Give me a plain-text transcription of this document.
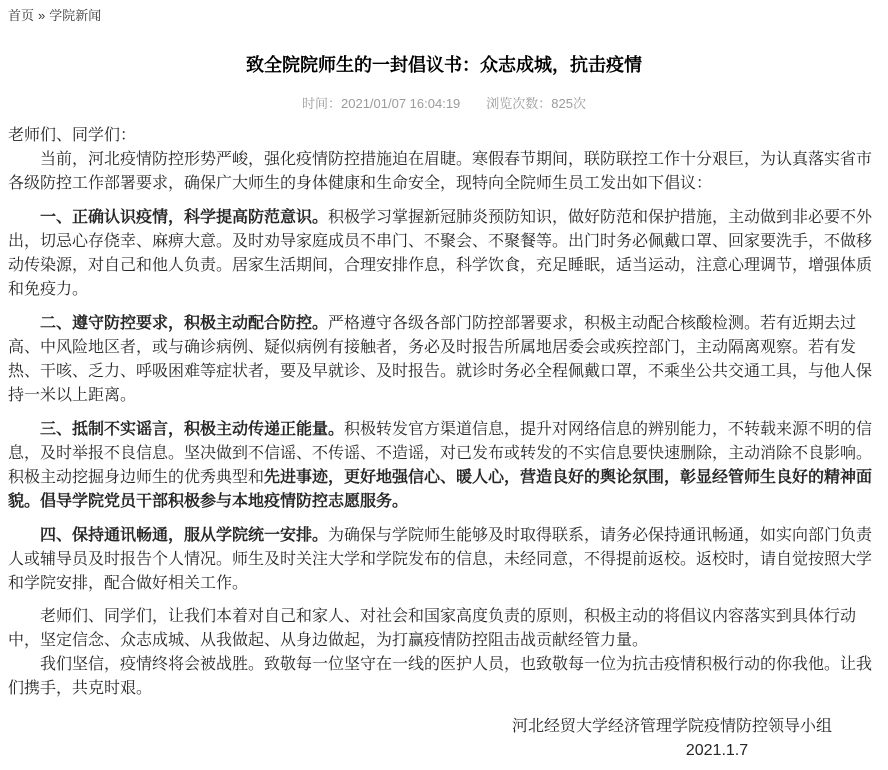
首页 » 学院新闻
致全院院师生的一封倡议书：众志成城，抗击疫情
时间：2021/01/07 16:04:19 浏览次数：825次

老师们、同学们：

当前，河北疫情防控形势严峻，强化疫情防控措施迫在眉睫。寒假春节期间，联防联控工作十分艰巨，为认真落实省市各级防控工作部署要求，确保广大师生的身体健康和生命安全，现特向全院师生员工发出如下倡议：

一、正确认识疫情，科学提高防范意识。积极学习掌握新冠肺炎预防知识，做好防范和保护措施，主动做到非必要不外出，切忌心存侥幸、麻痹大意。及时劝导家庭成员不串门、不聚会、不聚餐等。出门时务必佩戴口罩、回家要洗手，不做移动传染源，对自己和他人负责。居家生活期间，合理安排作息，科学饮食，充足睡眠，适当运动，注意心理调节，增强体质和免疫力。

二、遵守防控要求，积极主动配合防控。严格遵守各级各部门防控部署要求，积极主动配合核酸检测。若有近期去过高、中风险地区者，或与确诊病例、疑似病例有接触者，务必及时报告所属地居委会或疾控部门，主动隔离观察。若有发热、干咳、乏力、呼吸困难等症状者，要及早就诊、及时报告。就诊时务必全程佩戴口罩，不乘坐公共交通工具，与他人保持一米以上距离。

三、抵制不实谣言，积极主动传递正能量。积极转发官方渠道信息，提升对网络信息的辨别能力，不转载来源不明的信息，及时举报不良信息。坚决做到不信谣、不传谣、不造谣，对已发布或转发的不实信息要快速删除，主动消除不良影响。积极主动挖掘身边师生的优秀典型和先进事迹，更好地强信心、暖人心，营造良好的舆论氛围，彰显经管师生良好的精神面貌。倡导学院党员干部积极参与本地疫情防控志愿服务。

四、保持通讯畅通，服从学院统一安排。为确保与学院师生能够及时取得联系，请务必保持通讯畅通，如实向部门负责人或辅导员及时报告个人情况。师生及时关注大学和学院发布的信息，未经同意，不得提前返校。返校时，请自觉按照大学和学院安排，配合做好相关工作。

老师们、同学们，让我们本着对自己和家人、对社会和国家高度负责的原则，积极主动的将倡议内容落实到具体行动中，坚定信念、众志成城、从我做起、从身边做起，为打赢疫情防控阻击战贡献经管力量。

我们坚信，疫情终将会被战胜。致敬每一位坚守在一线的医护人员，也致敬每一位为抗击疫情积极行动的你我他。让我们携手，共克时艰。

河北经贸大学经济管理学院疫情防控领导小组
2021.1.7
